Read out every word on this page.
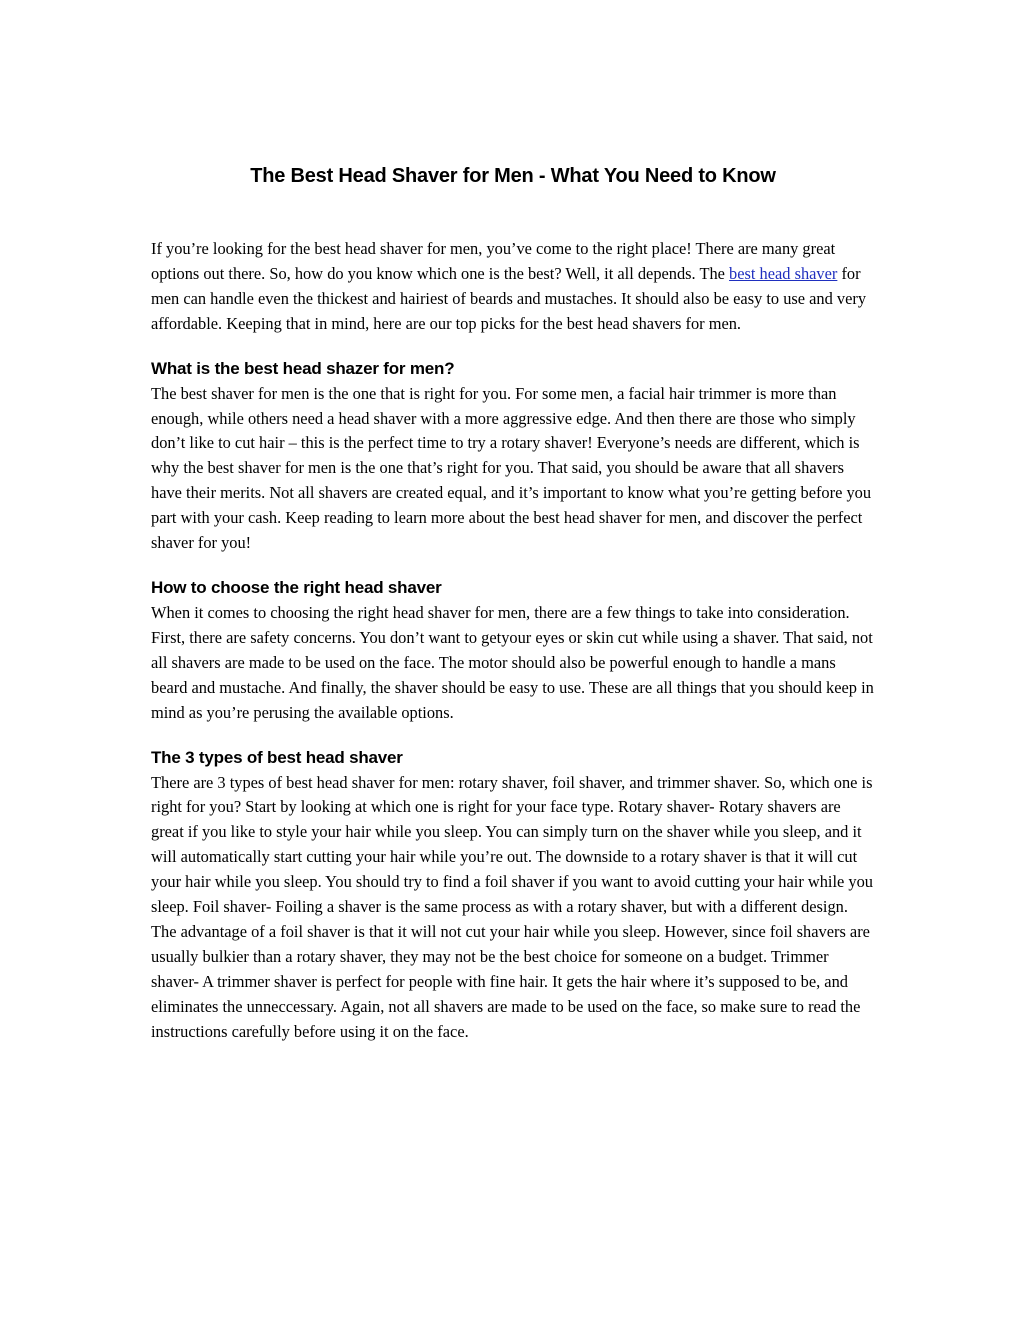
The Best Head Shaver for Men - What You Need to Know

If you’re looking for the best head shaver for men, you’ve come to the right place! There are many great options out there. So, how do you know which one is the best? Well, it all depends. The best head shaver for men can handle even the thickest and hairiest of beards and mustaches. It should also be easy to use and very affordable. Keeping that in mind, here are our top picks for the best head shavers for men.

What is the best head shazer for men?

The best shaver for men is the one that is right for you. For some men, a facial hair trimmer is more than enough, while others need a head shaver with a more aggressive edge. And then there are those who simply don’t like to cut hair – this is the perfect time to try a rotary shaver! Everyone’s needs are different, which is why the best shaver for men is the one that’s right for you. That said, you should be aware that all shavers have their merits. Not all shavers are created equal, and it’s important to know what you’re getting before you part with your cash. Keep reading to learn more about the best head shaver for men, and discover the perfect shaver for you!

How to choose the right head shaver

When it comes to choosing the right head shaver for men, there are a few things to take into consideration. First, there are safety concerns. You don’t want to getyour eyes or skin cut while using a shaver. That said, not all shavers are made to be used on the face. The motor should also be powerful enough to handle a mans beard and mustache. And finally, the shaver should be easy to use. These are all things that you should keep in mind as you’re perusing the available options.

The 3 types of best head shaver

There are 3 types of best head shaver for men: rotary shaver, foil shaver, and trimmer shaver. So, which one is right for you? Start by looking at which one is right for your face type. Rotary shaver- Rotary shavers are great if you like to style your hair while you sleep. You can simply turn on the shaver while you sleep, and it will automatically start cutting your hair while you’re out. The downside to a rotary shaver is that it will cut your hair while you sleep. You should try to find a foil shaver if you want to avoid cutting your hair while you sleep. Foil shaver- Foiling a shaver is the same process as with a rotary shaver, but with a different design. The advantage of a foil shaver is that it will not cut your hair while you sleep. However, since foil shavers are usually bulkier than a rotary shaver, they may not be the best choice for someone on a budget. Trimmer shaver- A trimmer shaver is perfect for people with fine hair. It gets the hair where it’s supposed to be, and eliminates the unneccessary. Again, not all shavers are made to be used on the face, so make sure to read the instructions carefully before using it on the face.
